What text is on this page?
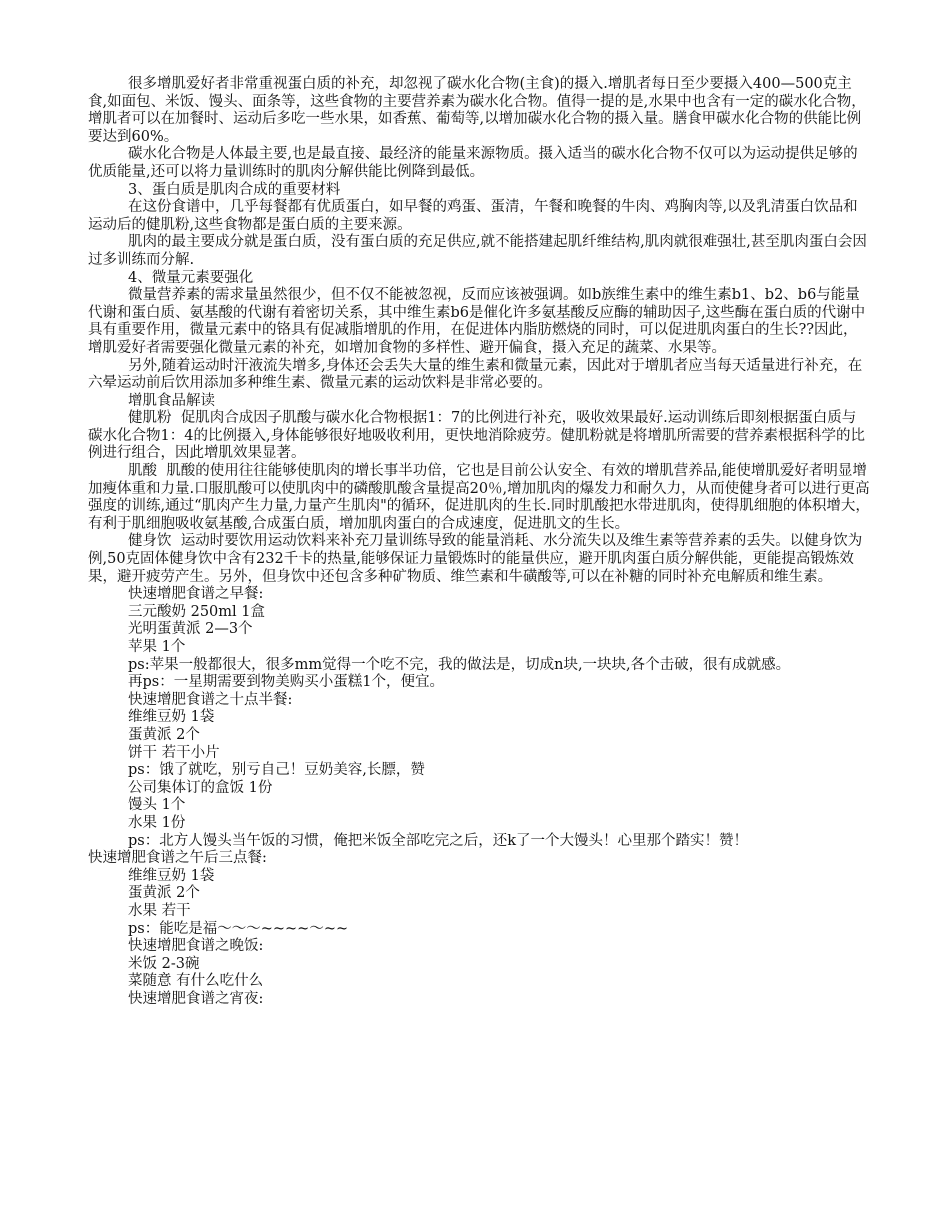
很多增肌爱好者非常重视蛋白质的补充，却忽视了碳水化合物(主食)的摄入.增肌者每日至少要摄入400—500克主食,如面包、米饭、馒头、面条等，这些食物的主要营养素为碳水化合物。值得一提的是,水果中也含有一定的碳水化合物，增肌者可以在加餐时、运动后多吃一些水果，如香蕉、葡萄等,以增加碳水化合物的摄入量。膳食甲碳水化合物的供能比例要达到60%。

碳水化合物是人体最主要,也是最直接、最经济的能量来源物质。摄入适当的碳水化合物不仅可以为运动提供足够的优质能量,还可以将力量训练时的肌肉分解供能比例降到最低。

3、蛋白质是肌肉合成的重要材料

在这份食谱中，几乎每餐都有优质蛋白，如早餐的鸡蛋、蛋清，午餐和晚餐的牛肉、鸡胸肉等,以及乳清蛋白饮品和运动后的健肌粉,这些食物都是蛋白质的主要来源。

肌肉的最主要成分就是蛋白质，没有蛋白质的充足供应,就不能搭建起肌纤维结构,肌肉就很难强壮,甚至肌肉蛋白会因过多训练而分解.

4、微量元素要强化

微量营养素的需求量虽然很少，但不仅不能被忽视，反而应该被强调。如b族维生素中的维生素b1、b2、b6与能量代谢和蛋白质、氨基酸的代谢有着密切关系，其中维生素b6是催化许多氨基酸反应酶的辅助因子,这些酶在蛋白质的代谢中具有重要作用，微量元素中的铬具有促减脂增肌的作用，在促进体内脂肪燃烧的同时，可以促进肌肉蛋白的生长??因此，增肌爱好者需要强化微量元素的补充，如增加食物的多样性、避开偏食，摄入充足的蔬菜、水果等。

另外,随着运动时汗液流失增多,身体还会丢失大量的维生素和微量元素，因此对于增肌者应当每天适量进行补充，在六晕运动前后饮用添加多种维生素、微量元素的运动饮料是非常必要的。

增肌食品解读

健肌粉  促肌肉合成因子肌酸与碳水化合物根据1：7的比例进行补充，吸收效果最好.运动训练后即刻根据蛋白质与碳水化合物1：4的比例摄入,身体能够很好地吸收利用，更快地消除疲劳。健肌粉就是将增肌所需要的营养素根据科学的比例进行组合，因此增肌效果显著。

肌酸  肌酸的使用往往能够使肌肉的增长事半功倍，它也是目前公认安全、有效的增肌营养品,能使增肌爱好者明显增加瘦体重和力量.口服肌酸可以使肌肉中的磷酸肌酸含量提高20％,增加肌肉的爆发力和耐久力，从而使健身者可以进行更高强度的训练,通过“肌肉产生力量,力量产生肌肉"的循环，促进肌肉的生长.同时肌酸把水带进肌肉，使得肌细胞的体积增大，有利于肌细胞吸收氨基酸,合成蛋白质，增加肌肉蛋白的合成速度，促进肌文的生长。

健身饮  运动时要饮用运动饮料来补充刀量训练导致的能量消耗、水分流失以及维生素等营养素的丢失。以健身饮为例,50克固体健身饮中含有232千卡的热量,能够保证力量锻炼时的能量供应，避开肌肉蛋白质分解供能，更能提高锻炼效果，避开疲劳产生。另外，但身饮中还包含多种矿物质、维竺素和牛磺酸等,可以在补糖的同时补充电解质和维生素。

快速增肥食谱之早餐:

三元酸奶 250ml 1盒

光明蛋黄派 2—3个

苹果 1个

ps:苹果一般都很大，很多mm觉得一个吃不完，我的做法是，切成n块,一块块,各个击破，很有成就感。

再ps：一星期需要到物美购买小蛋糕1个，便宜。

快速增肥食谱之十点半餐:

维维豆奶 1袋

蛋黄派 2个

饼干 若干小片

ps：饿了就吃，别亏自己！豆奶美容,长膘，赞

公司集体订的盒饭 1份

馒头 1个

水果 1份

ps：北方人馒头当午饭的习惯，俺把米饭全部吃完之后，还k了一个大馒头！心里那个踏实！赞！

快速增肥食谱之午后三点餐:

维维豆奶 1袋

蛋黄派 2个

水果 若干

ps：能吃是福～～～~~~~～~~

快速增肥食谱之晚饭:

米饭 2-3碗

菜随意 有什么吃什么

快速增肥食谱之宵夜:
